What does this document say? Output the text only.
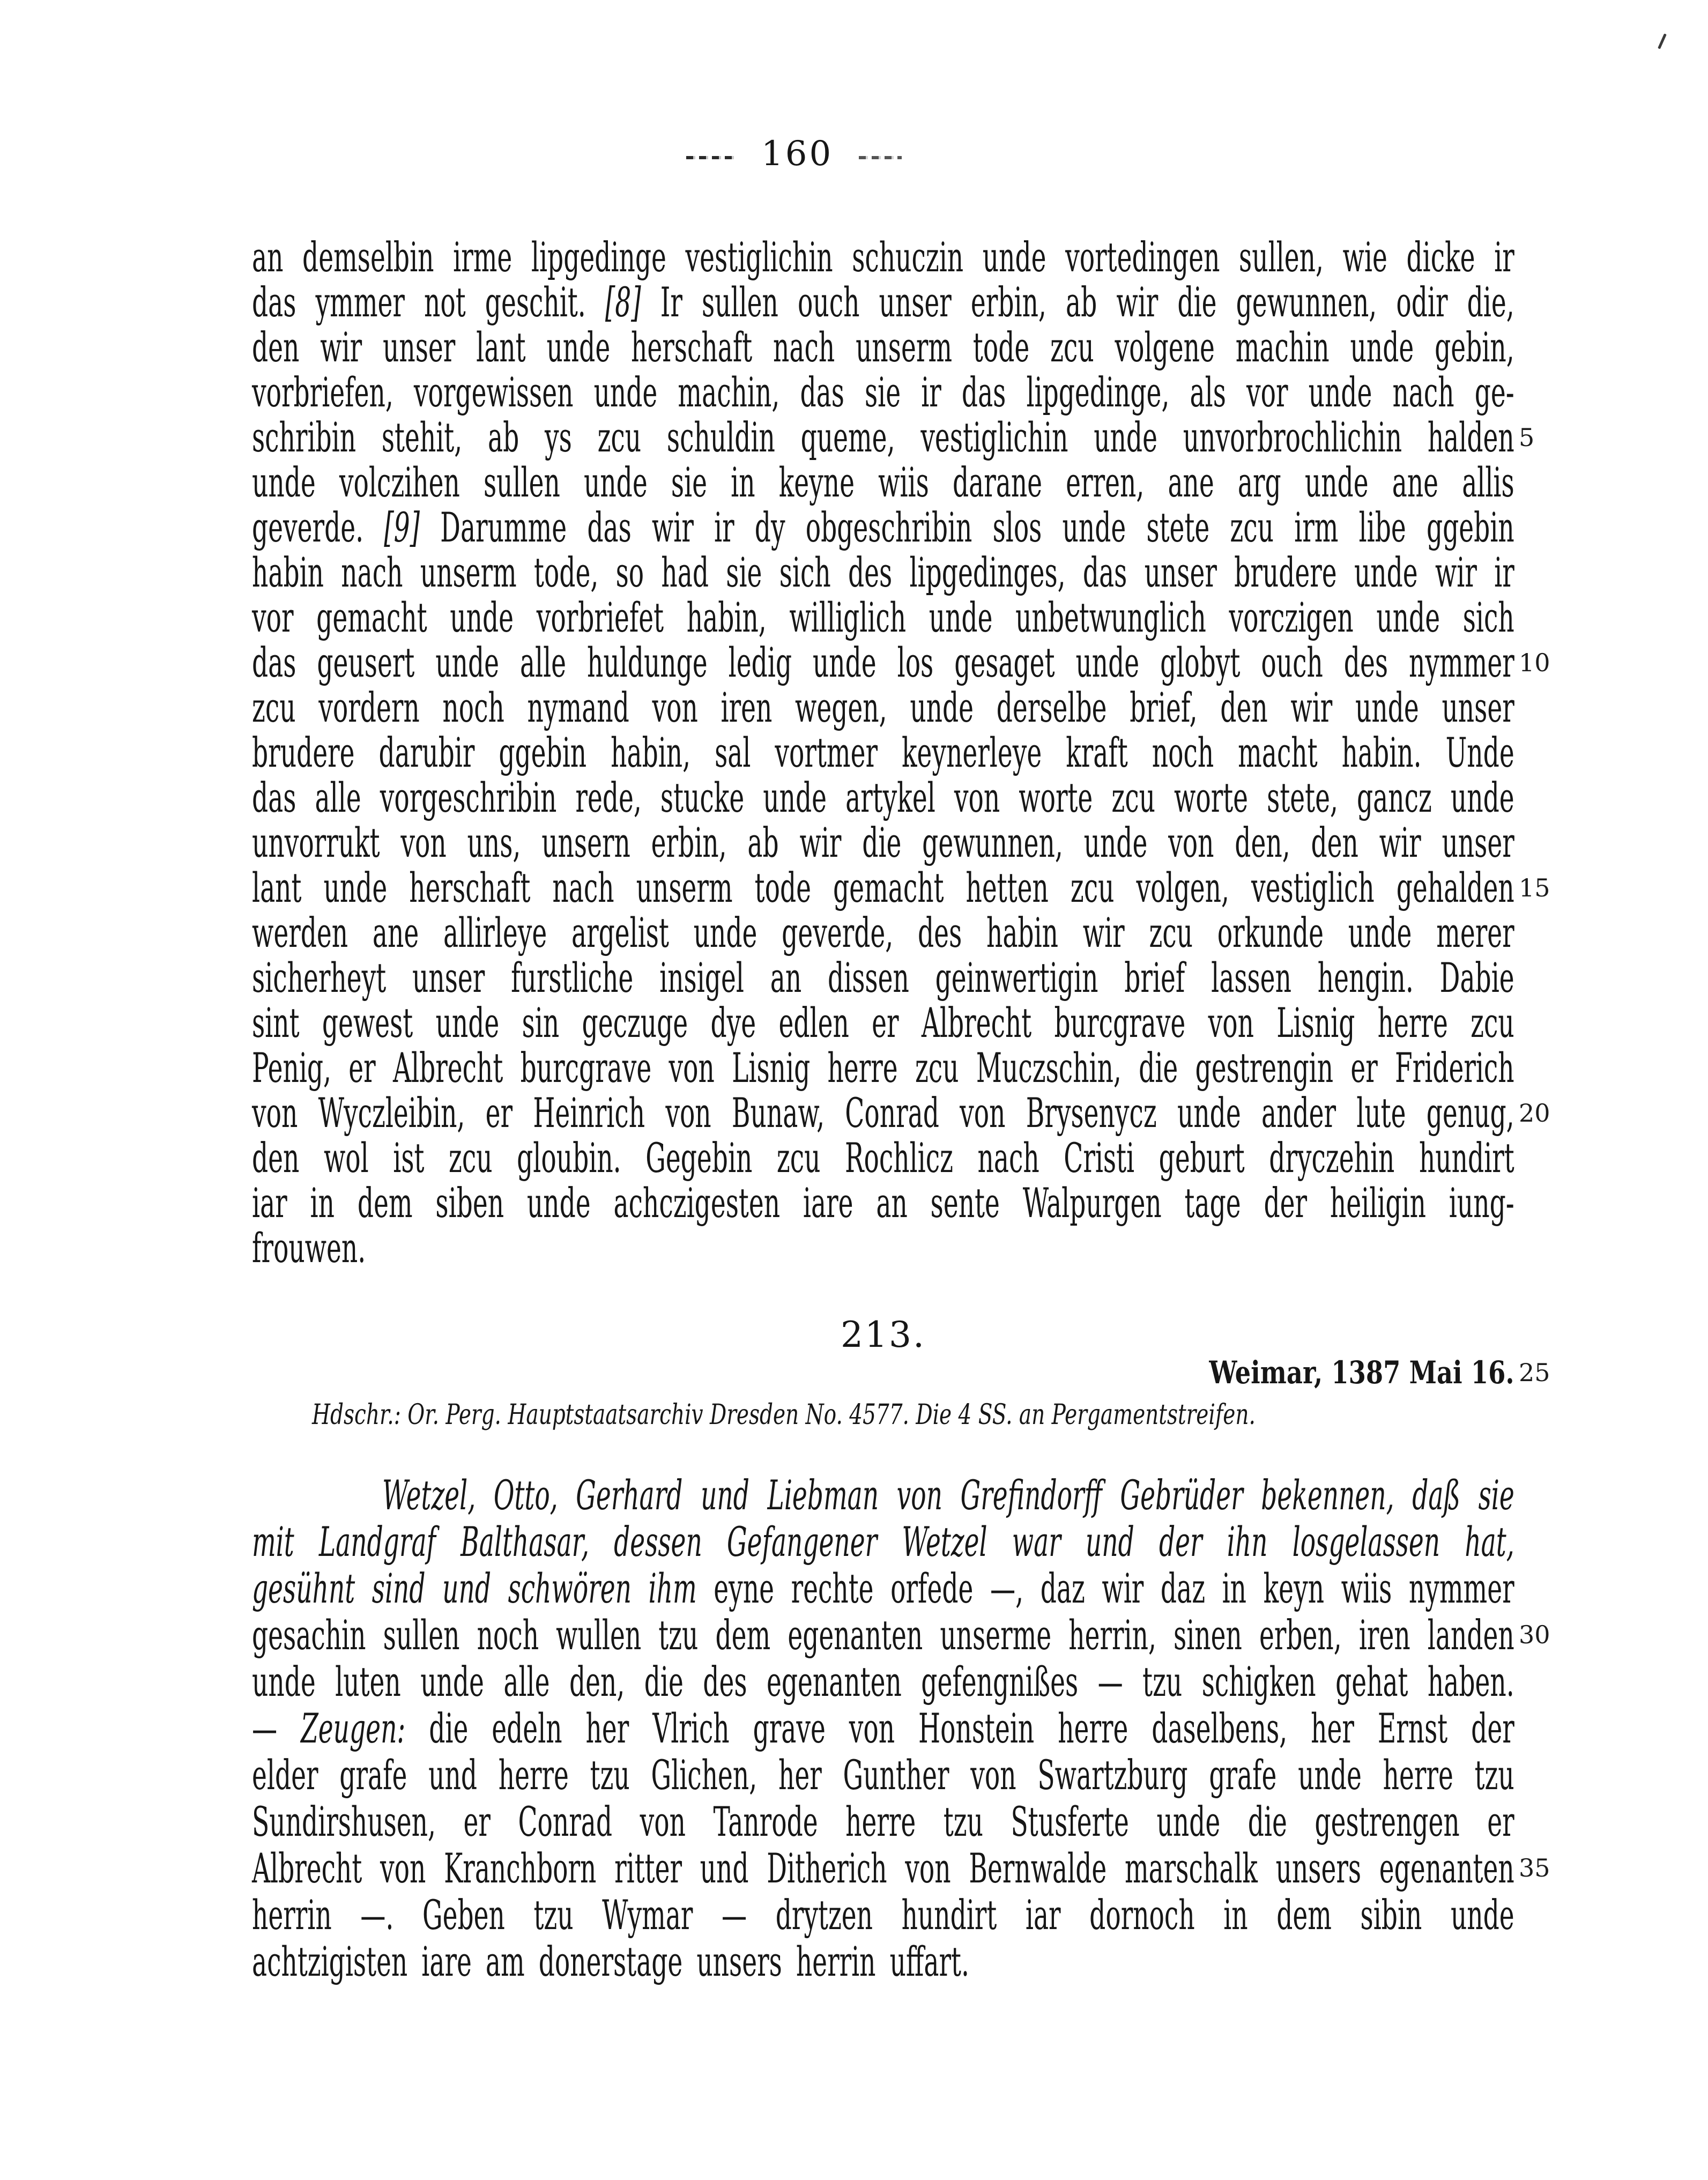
160
an demselbin irme lipgedinge vestiglichin schuczin unde vortedingen sullen, wie dicke ir
das ymmer not geschit. [8] Ir sullen ouch unser erbin, ab wir die gewunnen, odir die,
den wir unser lant unde herschaft nach unserm tode zcu volgene machin unde gebin,
vorbriefen, vorgewissen unde machin, das sie ir das lipgedinge, als vor unde nach ge-
schribin stehit, ab ys zcu schuldin queme, vestiglichin unde unvorbrochlichin halden 5
unde volczihen sullen unde sie in keyne wiis darane erren, ane arg unde ane allis
geverde. [9] Darumme das wir ir dy obgeschribin slos unde stete zcu irm libe ggebin
habin nach unserm tode, so had sie sich des lipgedinges, das unser brudere unde wir ir
vor gemacht unde vorbriefet habin, williglich unde unbetwunglich vorczigen unde sich
das geusert unde alle huldunge ledig unde los gesaget unde globyt ouch des nymmer 10
zcu vordern noch nymand von iren wegen, unde derselbe brief, den wir unde unser
brudere darubir ggebin habin, sal vortmer keynerleye kraft noch macht habin. Unde
das alle vorgeschribin rede, stucke unde artykel von worte zcu worte stete, gancz unde
unvorrukt von uns, unsern erbin, ab wir die gewunnen, unde von den, den wir unser
lant unde herschaft nach unserm tode gemacht hetten zcu volgen, vestiglich gehalden 15
werden ane allirleye argelist unde geverde, des habin wir zcu orkunde unde merer
sicherheyt unser furstliche insigel an dissen geinwertigin brief lassen hengin. Dabie
sint gewest unde sin geczuge dye edlen er Albrecht burcgrave von Lisnig herre zcu
Penig, er Albrecht burcgrave von Lisnig herre zcu Muczschin, die gestrengin er Friderich
von Wyczleibin, er Heinrich von Bunaw, Conrad von Brysenycz unde ander lute genug, 20
den wol ist zcu gloubin. Gegebin zcu Rochlicz nach Cristi geburt dryczehin hundirt
iar in dem siben unde achczigesten iare an sente Walpurgen tage der heiligin iung-
frouwen.
213.
Weimar, 1387 Mai 16. 25
Hdschr.: Or. Perg. Hauptstaatsarchiv Dresden No. 4577. Die 4 SS. an Pergamentstreifen.
Wetzel, Otto, Gerhard und Liebman von Grefindorff Gebrüder bekennen, daß sie
mit Landgraf Balthasar, dessen Gefangener Wetzel war und der ihn losgelassen hat,
gesühnt sind und schwören ihm eyne rechte orfede —, daz wir daz in keyn wiis nymmer
gesachin sullen noch wullen tzu dem egenanten unserme herrin, sinen erben, iren landen 30
unde luten unde alle den, die des egenanten gefengnißes — tzu schigken gehat haben.
— Zeugen: die edeln her Vlrich grave von Honstein herre daselbens, her Ernst der
elder grafe und herre tzu Glichen, her Gunther von Swartzburg grafe unde herre tzu
Sundirshusen, er Conrad von Tanrode herre tzu Stusferte unde die gestrengen er
Albrecht von Kranchborn ritter und Ditherich von Bernwalde marschalk unsers egenanten 35
herrin —. Geben tzu Wymar — drytzen hundirt iar dornoch in dem sibin unde
achtzigisten iare am donerstage unsers herrin uffart.
